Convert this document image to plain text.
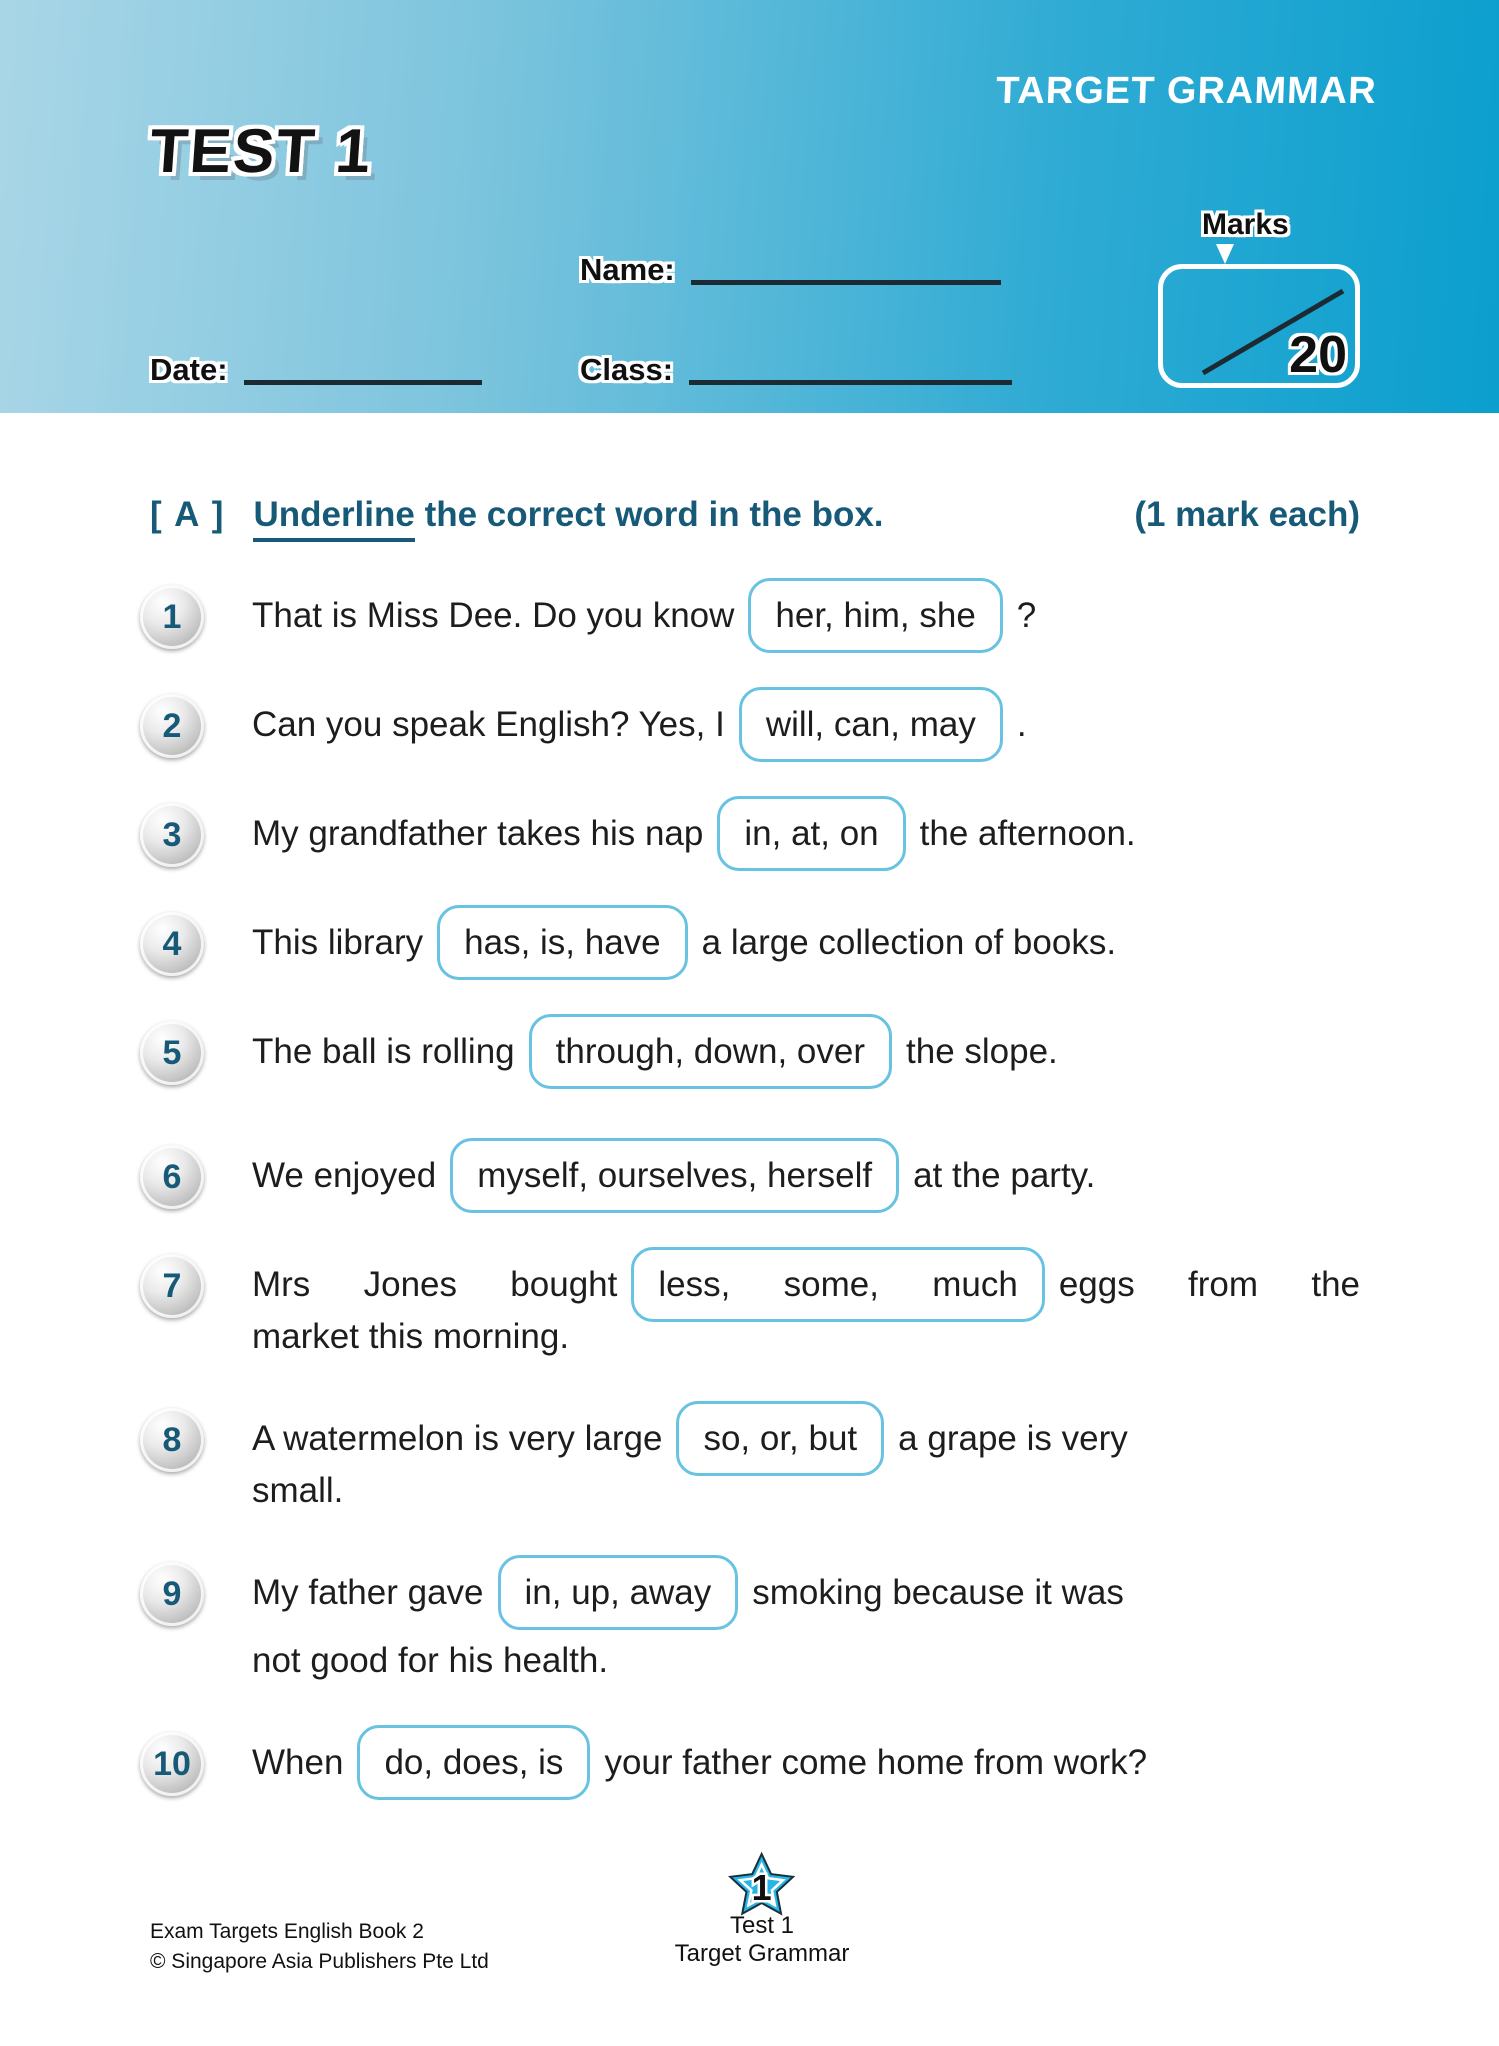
TEST 1
TARGET GRAMMAR
Name:
Date:	Class:
Marks
20
[ A ] Underline the correct word in the box.	(1 mark each)
1	That is Miss Dee. Do you know her, him, she ?
2	Can you speak English? Yes, I will, can, may .
3	My grandfather takes his nap in, at, on the afternoon.
4	This library has, is, have a large collection of books.
5	The ball is rolling through, down, over the slope.
6	We enjoyed myself, ourselves, herself at the party.
7	Mrs Jones bought less, some, much eggs from the
market this morning.
8	A watermelon is very large so, or, but a grape is very
small.
9	My father gave in, up, away smoking because it was
not good for his health.
10	When do, does, is your father come home from work?
Exam Targets English Book 2
© Singapore Asia Publishers Pte Ltd
1
Test 1
Target Grammar
